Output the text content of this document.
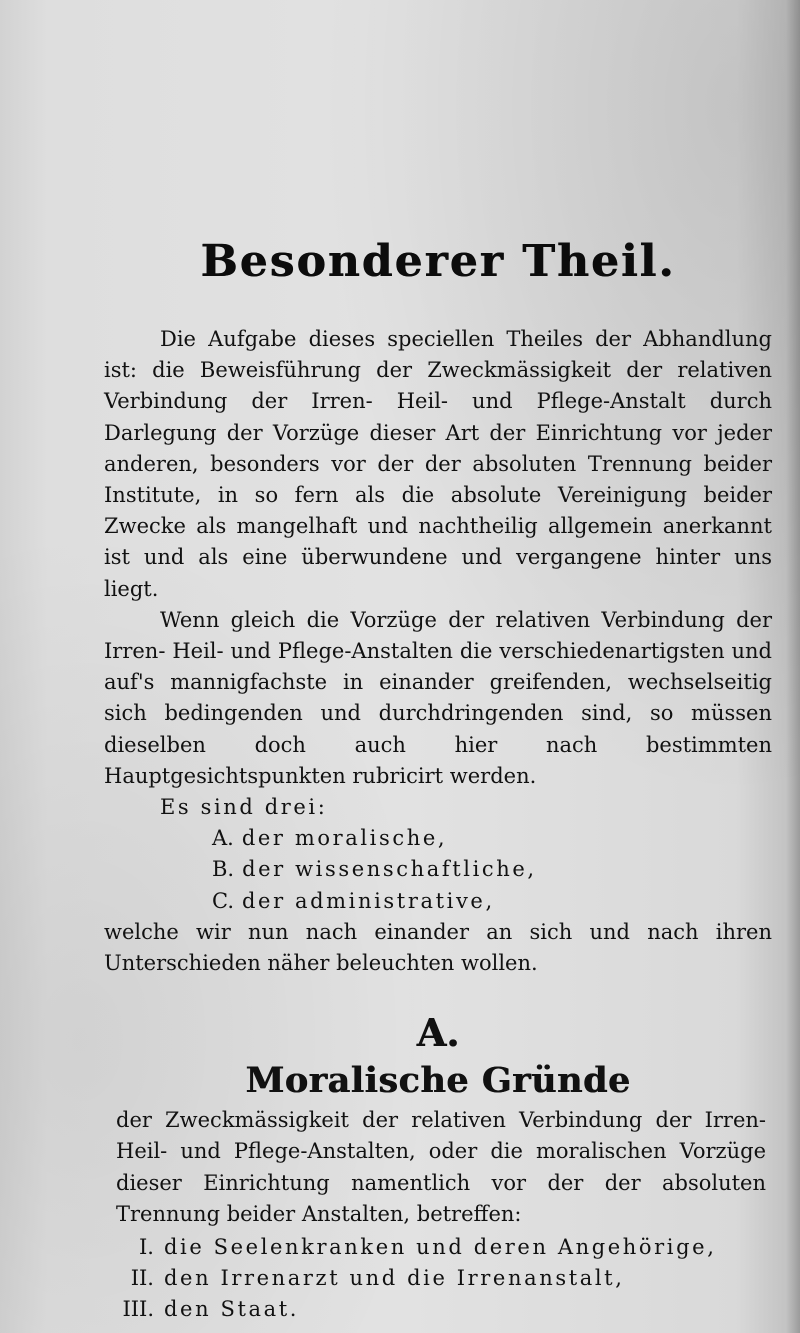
Besonderer Theil.

Die Aufgabe dieses speciellen Theiles der Abhandlung ist: die Beweisführung der Zweckmässigkeit der relativen Verbindung der Irren- Heil- und Pflege-Anstalt durch Darlegung der Vorzüge dieser Art der Einrichtung vor jeder anderen, besonders vor der der absoluten Trennung beider Institute, in so fern als die absolute Vereinigung beider Zwecke als mangelhaft und nachtheilig allgemein anerkannt ist und als eine überwundene und vergangene hinter uns liegt.

Wenn gleich die Vorzüge der relativen Verbindung der Irren- Heil- und Pflege-Anstalten die verschiedenartigsten und auf's mannigfachste in einander greifenden, wechselseitig sich bedingenden und durchdringenden sind, so müssen dieselben doch auch hier nach bestimmten Hauptgesichtspunkten rubricirt werden.

Es sind drei:

A. der moralische,
B. der wissenschaftliche,
C. der administrative,

welche wir nun nach einander an sich und nach ihren Unterschieden näher beleuchten wollen.

A.
Moralische Gründe

der Zweckmässigkeit der relativen Verbindung der Irren-Heil- und Pflege-Anstalten, oder die moralischen Vorzüge dieser Einrichtung namentlich vor der der absoluten Trennung beider Anstalten, betreffen:

I. die Seelenkranken und deren Angehörige,
II. den Irrenarzt und die Irrenanstalt,
III. den Staat.
